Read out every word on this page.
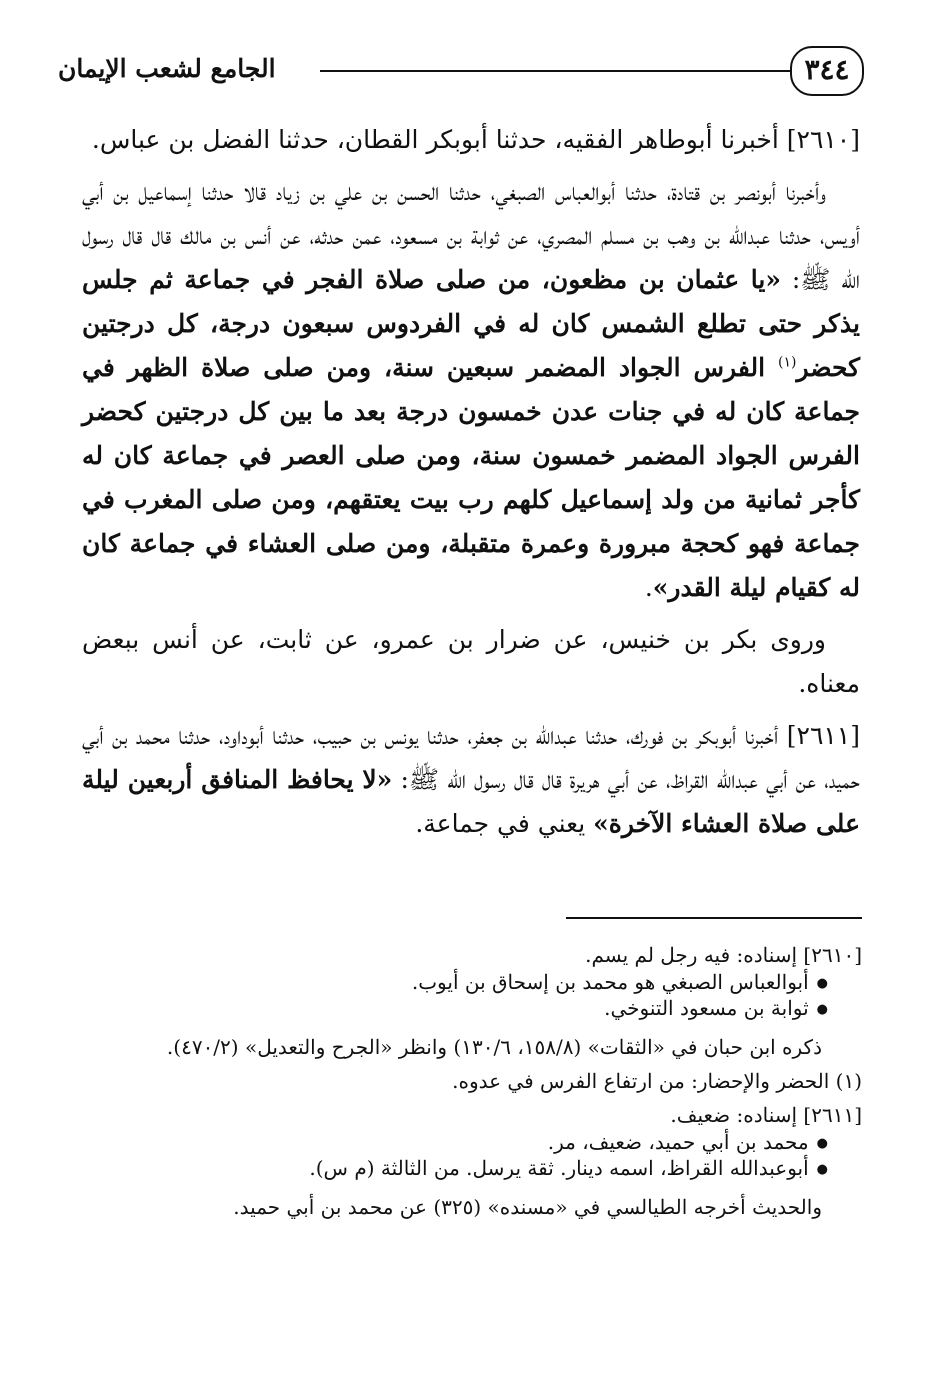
٣٤٤
الجامع لشعب الإيمان

[٢٦١٠] أخبرنا أبوطاهر الفقيه، حدثنا أبوبكر القطان، حدثنا الفضل بن عباس.

وأخبرنا أبونصر بن قتادة، حدثنا أبوالعباس الصبغي، حدثنا الحسن بن علي بن زياد قالا حدثنا إسماعيل بن أبي أويس، حدثنا عبدالله بن وهب بن مسلم المصري، عن ثوابة بن مسعود، عمن حدثه، عن أنس بن مالك قال قال رسول الله ﷺ: «يا عثمان بن مظعون، من صلى صلاة الفجر في جماعة ثم جلس يذكر حتى تطلع الشمس كان له في الفردوس سبعون درجة، كل درجتين كحضر$^{(١)}$ الفرس الجواد المضمر سبعين سنة، ومن صلى صلاة الظهر في جماعة كان له في جنات عدن خمسون درجة بعد ما بين كل درجتين كحضر الفرس الجواد المضمر خمسون سنة، ومن صلى العصر في جماعة كان له كأجر ثمانية من ولد إسماعيل كلهم رب بيت يعتقهم، ومن صلى المغرب في جماعة فهو كحجة مبرورة وعمرة متقبلة، ومن صلى العشاء في جماعة كان له كقيام ليلة القدر».

وروى بكر بن خنيس، عن ضرار بن عمرو، عن ثابت، عن أنس ببعض معناه.

[٢٦١١] أخبرنا أبوبكر بن فورك، حدثنا عبدالله بن جعفر، حدثنا يونس بن حبيب، حدثنا أبوداود، حدثنا محمد بن أبي حميد، عن أبي عبدالله القراظ، عن أبي هريرة قال قال رسول الله ﷺ: «لا يحافظ المنافق أربعين ليلة على صلاة العشاء الآخرة» يعني في جماعة.

[٢٦١٠] إسناده: فيه رجل لم يسم.

● أبوالعباس الصبغي هو محمد بن إسحاق بن أيوب.
● ثوابة بن مسعود التنوخي.

ذكره ابن حبان في «الثقات» (١٥٨/٨، ١٣٠/٦) وانظر «الجرح والتعديل» (٤٧٠/٢).

(١) الحضر والإحضار: من ارتفاع الفرس في عدوه.

[٢٦١١] إسناده: ضعيف.

● محمد بن أبي حميد، ضعيف، مر.
● أبوعبدالله القراظ، اسمه دينار. ثقة يرسل. من الثالثة (م س).

والحديث أخرجه الطيالسي في «مسنده» (٣٢٥) عن محمد بن أبي حميد.
